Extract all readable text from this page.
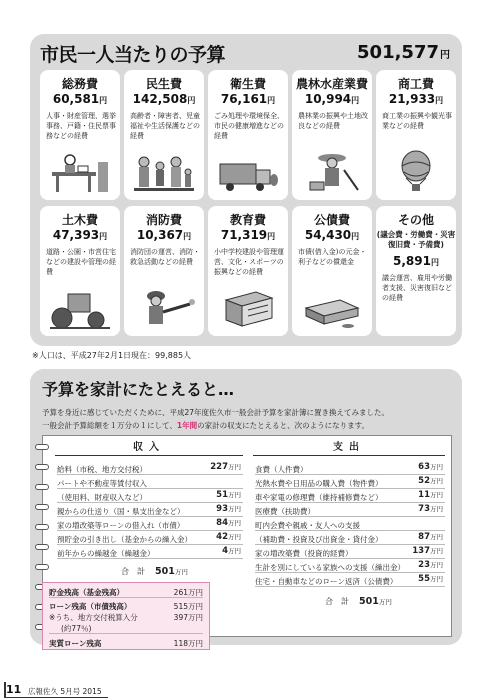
市民一人当たりの予算	501,577円
総務費
60,581円
人事・財産管理、選挙事務、戸籍・住民票事務などの経費
民生費
142,508円
高齢者・障害者、児童福祉や生活保護などの経費
衛生費
76,161円
ごみ処理や環境保全、市民の健康増進などの経費
農林水産業費
10,994円
農林業の振興や土地改良などの経費
商工費
21,933円
商工業の振興や観光事業などの経費
土木費
47,393円
道路・公園・市営住宅などの建設や管理の経費
消防費
10,367円
消防団の運営、消防・救急活動などの経費
教育費
71,319円
小中学校建設や管理運営、文化・スポーツの振興などの経費
公債費
54,430円
市債(借入金)の元金・利子などの償還金
その他
(議会費・労働費・災害復旧費・予備費)
5,891円
議会運営、雇用や労働者支援、災害復旧などの経費
※人口は、平成27年2月1日現在：99,885人
予算を家計にたとえると…
予算を身近に感じていただくために、平成27年度佐久市一般会計予算を家計簿に置き換えてみました。
一般会計予算総額を１万分の１にして、1年間の家計の収支にたとえると、次のようになります。
収入	支出
給料（市税、地方交付税）	227万円
パートや不動産等賃付収入
（使用料、財産収入など）	51万円
親からの仕送り（国・県支出金など）	93万円
家の増改築等ローンの借入れ（市債）	84万円
預貯金の引き出し（基金からの繰入金）	42万円
前年からの繰越金（繰越金）	4万円
合　計 501万円
食費（人件費）	63万円
光熱水費や日用品の購入費（物件費）	52万円
車や家電の修理費（維持補修費など）	11万円
医療費（扶助費）	73万円
町内会費や親戚・友人への支援
（補助費・投資及び出資金・貸付金）	87万円
家の増改築費（投資的経費）	137万円
生計を別にしている家族への支援（繰出金） 23万円
住宅・自動車などのローン返済（公債費） 55万円
合　計 501万円
貯金残高（基金残高）	261万円
ローン残高（市債残高）	515万円
※うち、地方交付税算入分	397万円
(約77％)
実質ローン残高	118万円
11 広報佐久 5月号 2015
